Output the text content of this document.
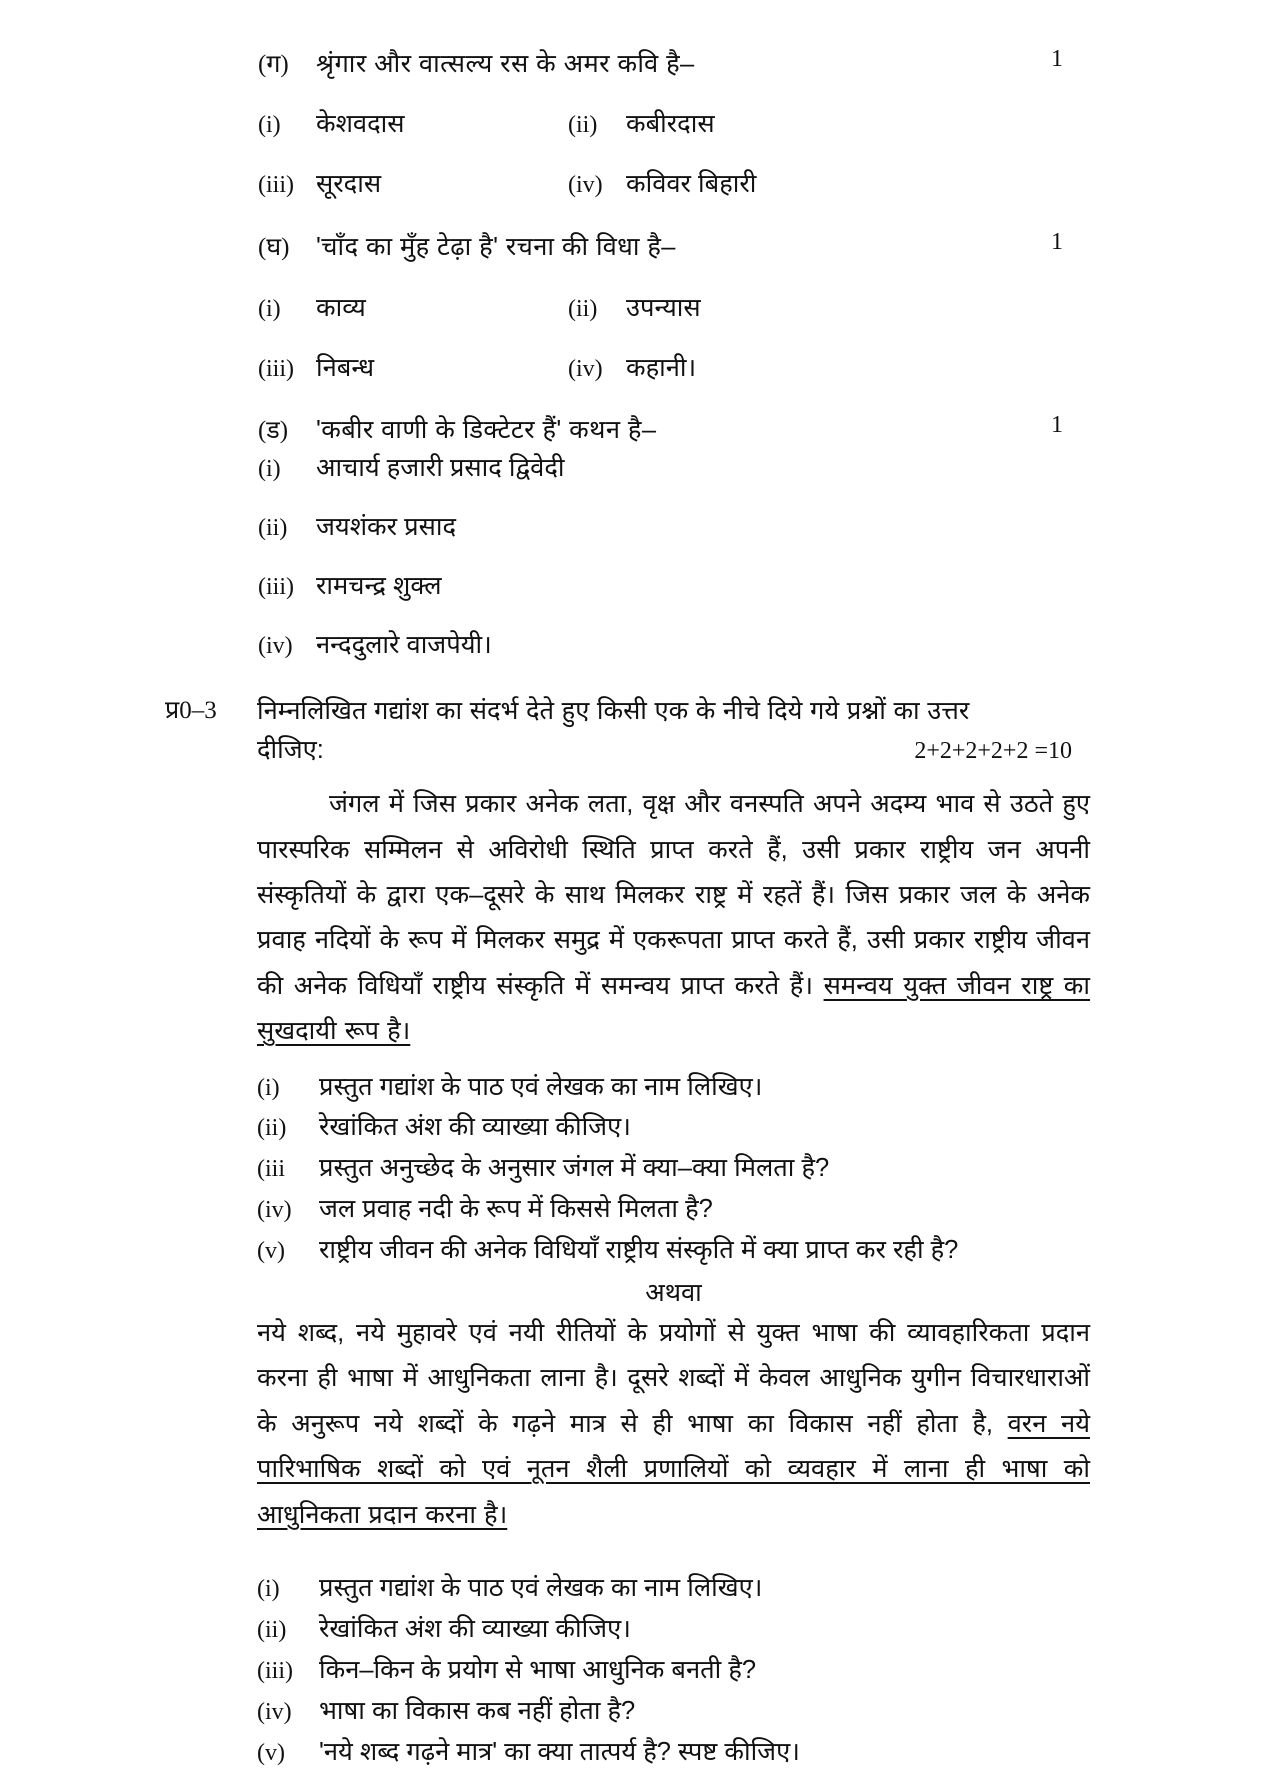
(ग)	श्रृंगार और वात्सल्य रस के अमर कवि है–	1
(i)	केशवदास	(ii)	कबीरदास
(iii) सूरदास	(iv) कविवर बिहारी
(घ)	'चाँद का मुँह टेढ़ा है' रचना की विधा है–	1
(i)	काव्य	(ii)	उपन्यास
(iii) निबन्ध	(iv) कहानी।
(ड)	'कबीर वाणी के डिक्टेटर हैं' कथन है–	1
(i)	आचार्य हजारी प्रसाद द्विवेदी
(ii)	जयशंकर प्रसाद
(iii) रामचन्द्र शुक्ल
(iv) नन्ददुलारे वाजपेयी।
प्र0–3	निम्नलिखित गद्यांश का संदर्भ देते हुए किसी एक के नीचे दिये गये प्रश्नों का उत्तर
दीजिए:	2+2+2+2+2 =10
जंगल में जिस प्रकार अनेक लता, वृक्ष और वनस्पति अपने अदम्य भाव से उठते हुए पारस्परिक सम्मिलन से अविरोधी स्थिति प्राप्त करते हैं, उसी प्रकार राष्ट्रीय जन अपनी संस्कृतियों के द्वारा एक–दूसरे के साथ मिलकर राष्ट्र में रहतें हैं। जिस प्रकार जल के अनेक प्रवाह नदियों के रूप में मिलकर समुद्र में एकरूपता प्राप्त करते हैं, उसी प्रकार राष्ट्रीय जीवन की अनेक विधियाँ राष्ट्रीय संस्कृति में समन्वय प्राप्त करते हैं। समन्वय युक्त जीवन राष्ट्र का सुखदायी रूप है।
(i)	प्रस्तुत गद्यांश के पाठ एवं लेखक का नाम लिखिए।
(ii)	रेखांकित अंश की व्याख्या कीजिए।
(iii	प्रस्तुत अनुच्छेद के अनुसार जंगल में क्या–क्या मिलता है?
(iv)	जल प्रवाह नदी के रूप में किससे मिलता है?
(v)	राष्ट्रीय जीवन की अनेक विधियाँ राष्ट्रीय संस्कृति में क्या प्राप्त कर रही है?
अथवा
नये शब्द, नये मुहावरे एवं नयी रीतियों के प्रयोगों से युक्त भाषा की व्यावहारिकता प्रदान करना ही भाषा में आधुनिकता लाना है। दूसरे शब्दों में केवल आधुनिक युगीन विचारधाराओं के अनुरूप नये शब्दों के गढ़ने मात्र से ही भाषा का विकास नहीं होता है, वरन नये पारिभाषिक शब्दों को एवं नूतन शैली प्रणालियों को व्यवहार में लाना ही भाषा को आधुनिकता प्रदान करना है।
(i)	प्रस्तुत गद्यांश के पाठ एवं लेखक का नाम लिखिए।
(ii)	रेखांकित अंश की व्याख्या कीजिए।
(iii)	किन–किन के प्रयोग से भाषा आधुनिक बनती है?
(iv)	भाषा का विकास कब नहीं होता है?
(v)	'नये शब्द गढ़ने मात्र' का क्या तात्पर्य है? स्पष्ट कीजिए।
